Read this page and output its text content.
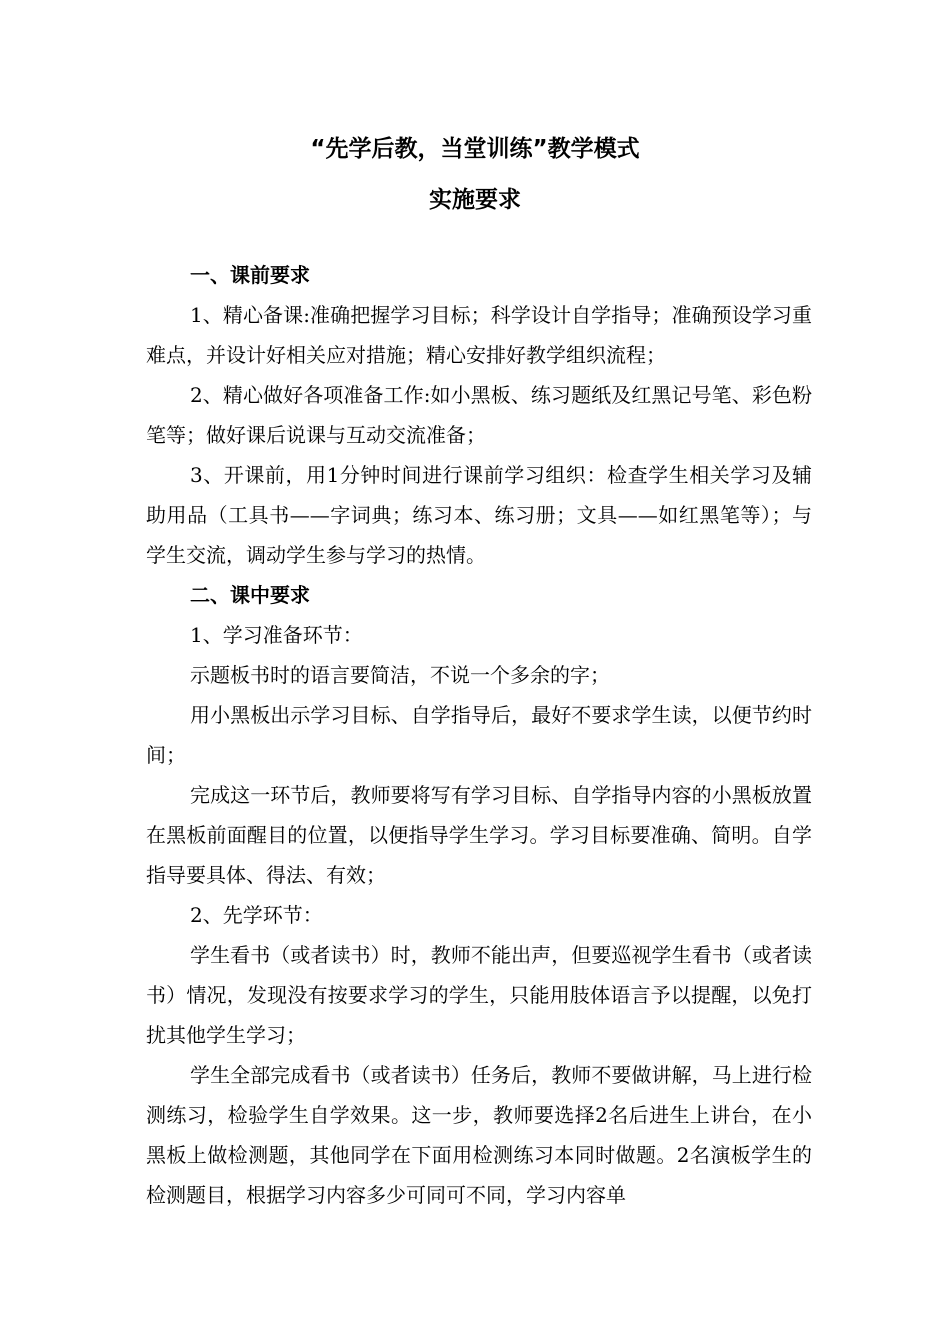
“先学后教，当堂训练”教学模式
实施要求

一、课前要求

1、精心备课:准确把握学习目标；科学设计自学指导；准确预设学习重难点，并设计好相关应对措施；精心安排好教学组织流程；

2、精心做好各项准备工作:如小黑板、练习题纸及红黑记号笔、彩色粉笔等；做好课后说课与互动交流准备；

3、开课前，用1分钟时间进行课前学习组织：检查学生相关学习及辅助用品（工具书——字词典；练习本、练习册；文具——如红黑笔等）；与学生交流，调动学生参与学习的热情。

二、课中要求

1、学习准备环节：

示题板书时的语言要简洁，不说一个多余的字；

用小黑板出示学习目标、自学指导后，最好不要求学生读，以便节约时间；

完成这一环节后，教师要将写有学习目标、自学指导内容的小黑板放置在黑板前面醒目的位置，以便指导学生学习。学习目标要准确、简明。自学指导要具体、得法、有效；

2、先学环节：

学生看书（或者读书）时，教师不能出声，但要巡视学生看书（或者读书）情况，发现没有按要求学习的学生，只能用肢体语言予以提醒，以免打扰其他学生学习；

学生全部完成看书（或者读书）任务后，教师不要做讲解，马上进行检测练习，检验学生自学效果。这一步，教师要选择2名后进生上讲台，在小黑板上做检测题，其他同学在下面用检测练习本同时做题。2名演板学生的检测题目，根据学习内容多少可同可不同，学习内容单
